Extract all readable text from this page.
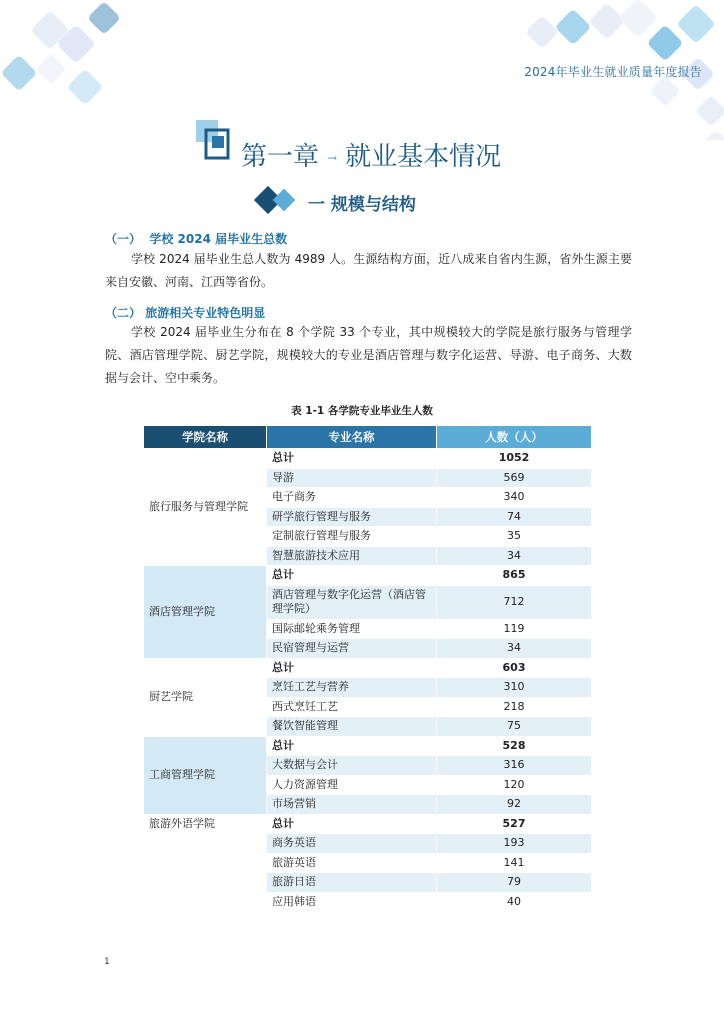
2024年毕业生就业质量年度报告
第一章 → 就业基本情况
一 规模与结构
（一） 学校 2024 届毕业生总数
学校 2024 届毕业生总人数为 4989 人。生源结构方面，近八成来自省内生源，省外生源主要来自安徽、河南、江西等省份。
（二） 旅游相关专业特色明显
学校 2024 届毕业生分布在 8 个学院 33 个专业，其中规模较大的学院是旅行服务与管理学院、酒店管理学院、厨艺学院，规模较大的专业是酒店管理与数字化运营、导游、电子商务、大数据与会计、空中乘务。
表 1-1 各学院专业毕业生人数
学院名称	专业名称	人数（人）
旅行服务与管理学院	总计	1052
	导游	569
	电子商务	340
	研学旅行管理与服务	74
	定制旅行管理与服务	35
	智慧旅游技术应用	34
酒店管理学院	总计	865
	酒店管理与数字化运营（酒店管理学院）	712
	国际邮轮乘务管理	119
	民宿管理与运营	34
厨艺学院	总计	603
	烹饪工艺与营养	310
	西式烹饪工艺	218
	餐饮智能管理	75
工商管理学院	总计	528
	大数据与会计	316
	人力资源管理	120
	市场营销	92
旅游外语学院	总计	527
	商务英语	193
	旅游英语	141
	旅游日语	79
	应用韩语	40
1
